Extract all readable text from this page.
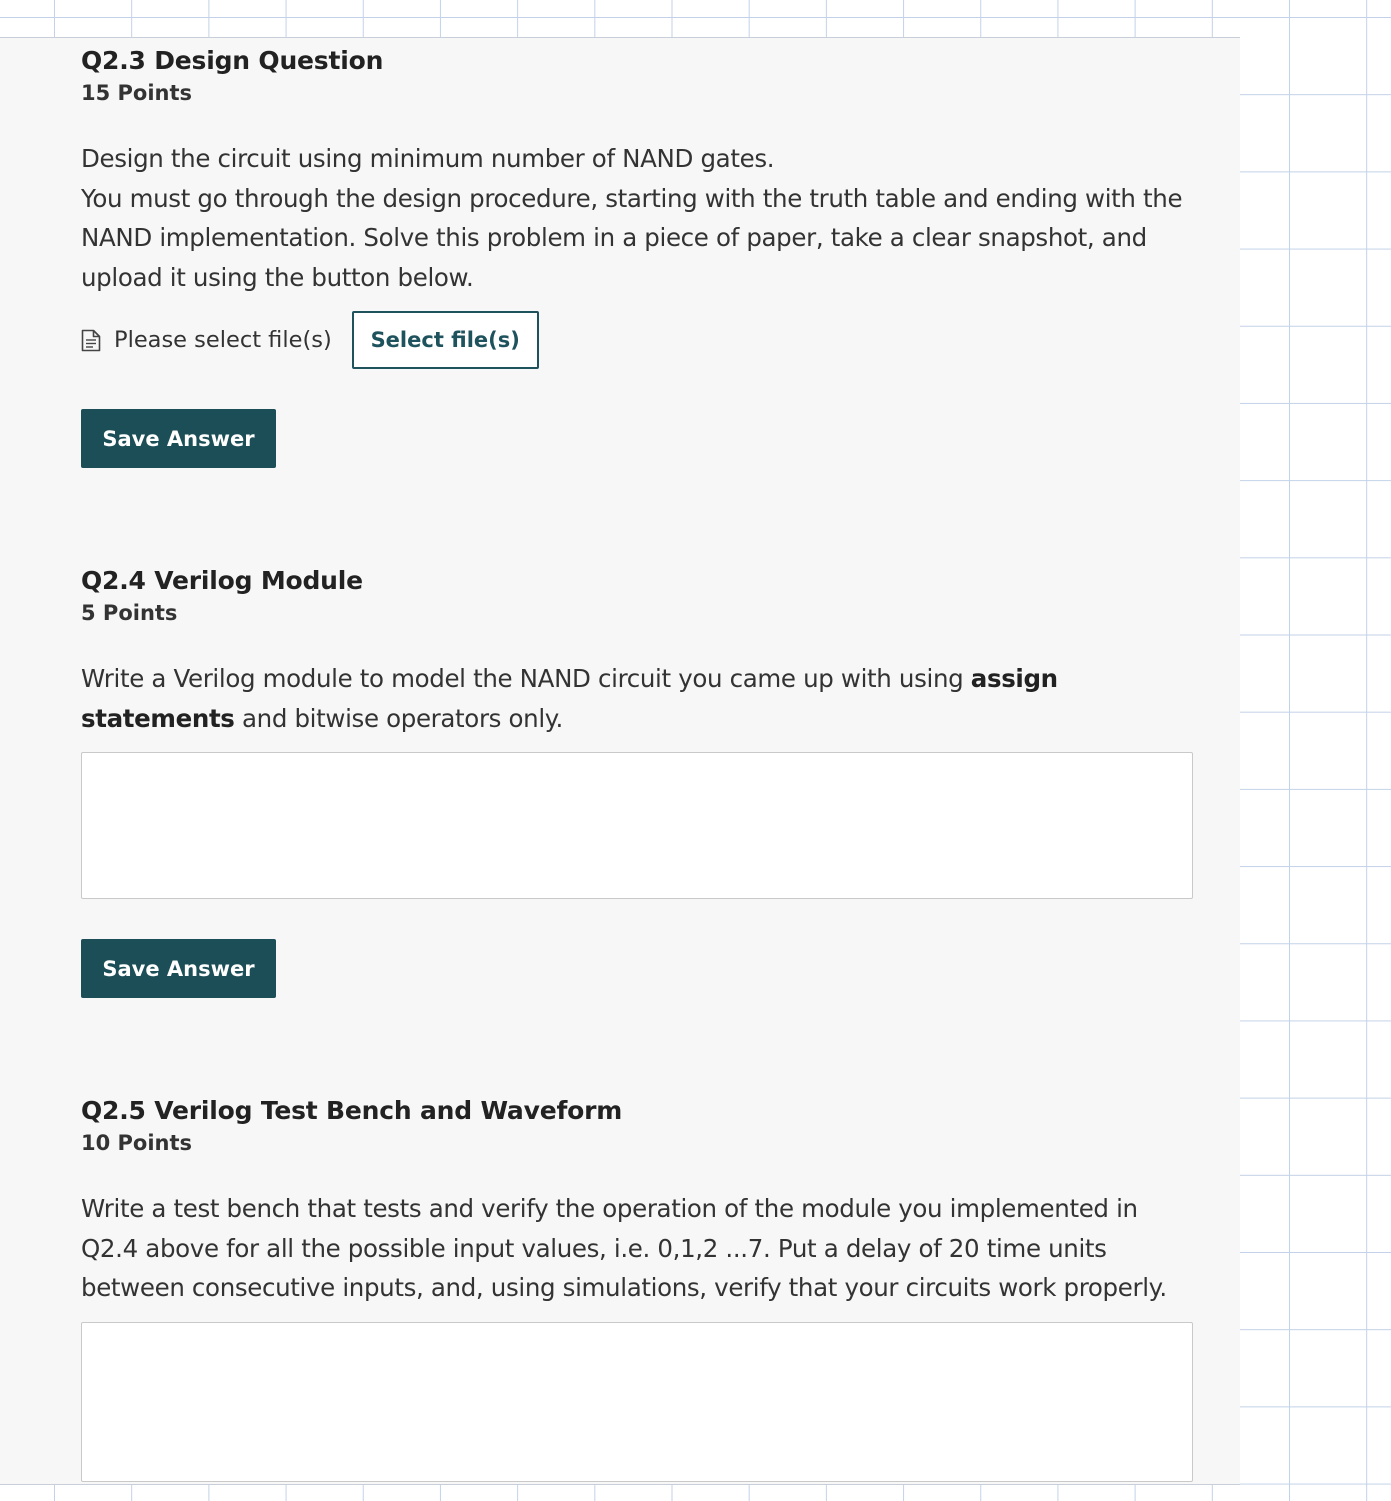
Q2.3 Design Question
15 Points

Design the circuit using minimum number of NAND gates.

You must go through the design procedure, starting with the truth table and ending with the NAND implementation. Solve this problem in a piece of paper, take a clear snapshot, and upload it using the button below.

Please select file(s)	Select file(s)
Save Answer
Q2.4 Verilog Module
5 Points

Write a Verilog module to model the NAND circuit you came up with using assign statements and bitwise operators only.

Save Answer
Q2.5 Verilog Test Bench and Waveform
10 Points

Write a test bench that tests and verify the operation of the module you implemented in Q2.4 above for all the possible input values, i.e. 0,1,2 ...7. Put a delay of 20 time units between consecutive inputs, and, using simulations, verify that your circuits work properly.
